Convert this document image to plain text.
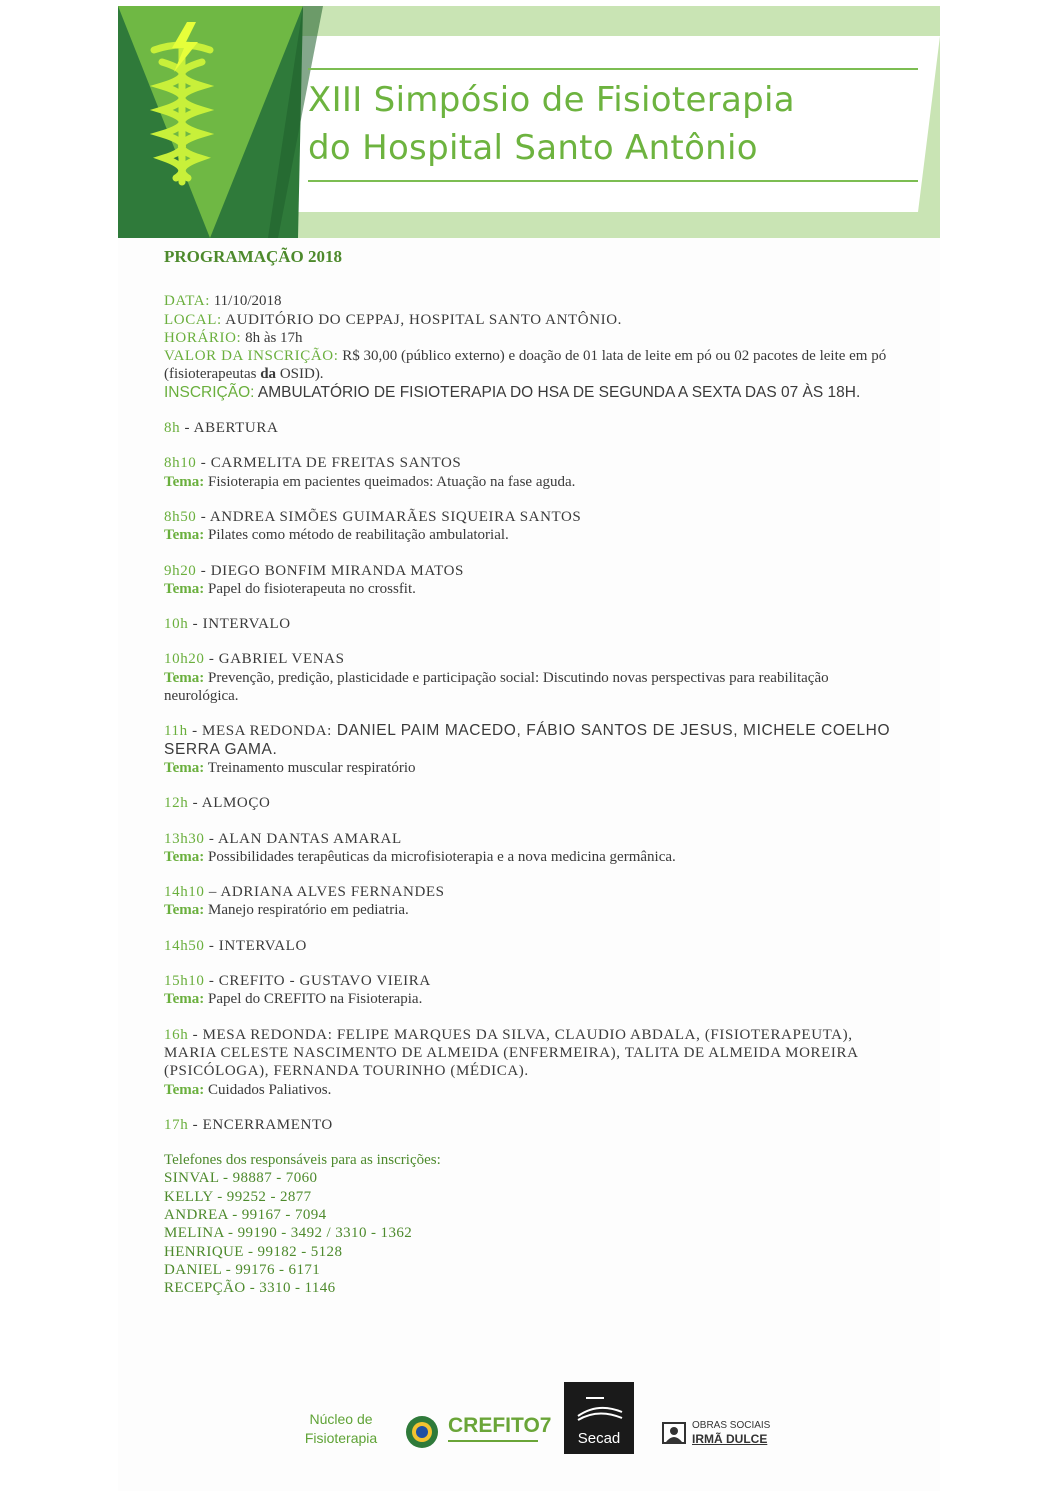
XIII Simpósio de Fisioterapia
do Hospital Santo Antônio
PROGRAMAÇÃO 2018
DATA: 11/10/2018
LOCAL: AUDITÓRIO DO CEPPAJ, HOSPITAL SANTO ANTÔNIO.
HORÁRIO: 8h às 17h
VALOR DA INSCRIÇÃO: R$ 30,00 (público externo) e doação de 01 lata de leite em pó ou 02 pacotes de leite em pó (fisioterapeutas da OSID).
INSCRIÇÃO: AMBULATÓRIO DE FISIOTERAPIA DO HSA DE SEGUNDA A SEXTA DAS 07 ÀS 18H.
8h - ABERTURA
8h10 - CARMELITA DE FREITAS SANTOS
Tema: Fisioterapia em pacientes queimados: Atuação na fase aguda.
8h50 - ANDREA SIMÕES GUIMARÃES SIQUEIRA SANTOS
Tema: Pilates como método de reabilitação ambulatorial.
9h20 - DIEGO BONFIM MIRANDA MATOS
Tema: Papel do fisioterapeuta no crossfit.
10h - INTERVALO
10h20 - GABRIEL VENAS
Tema: Prevenção, predição, plasticidade e participação social: Discutindo novas perspectivas para reabilitação neurológica.
11h - MESA REDONDA: DANIEL PAIM MACEDO, FÁBIO SANTOS DE JESUS, MICHELE COELHO SERRA GAMA.
Tema: Treinamento muscular respiratório
12h - ALMOÇO
13h30 - ALAN DANTAS AMARAL
Tema: Possibilidades terapêuticas da microfisioterapia e a nova medicina germânica.
14h10 – ADRIANA ALVES FERNANDES
Tema: Manejo respiratório em pediatria.
14h50 - INTERVALO
15h10 - CREFITO - GUSTAVO VIEIRA
Tema: Papel do CREFITO na Fisioterapia.
16h - MESA REDONDA: FELIPE MARQUES DA SILVA, CLAUDIO ABDALA, (FISIOTERAPEUTA), MARIA CELESTE NASCIMENTO DE ALMEIDA (ENFERMEIRA), TALITA DE ALMEIDA MOREIRA (PSICÓLOGA), FERNANDA TOURINHO (MÉDICA).
Tema: Cuidados Paliativos.
17h - ENCERRAMENTO
Telefones dos responsáveis para as inscrições:
SINVAL - 98887 - 7060
KELLY - 99252 - 2877
ANDREA - 99167 - 7094
MELINA - 99190 - 3492 / 3310 - 1362
HENRIQUE - 99182 - 5128
DANIEL - 99176 - 6171
RECEPÇÃO - 3310 - 1146
Núcleo de
Fisioterapia
CREFITO7
Secad
OBRAS SOCIAIS
IRMÃ DULCE
